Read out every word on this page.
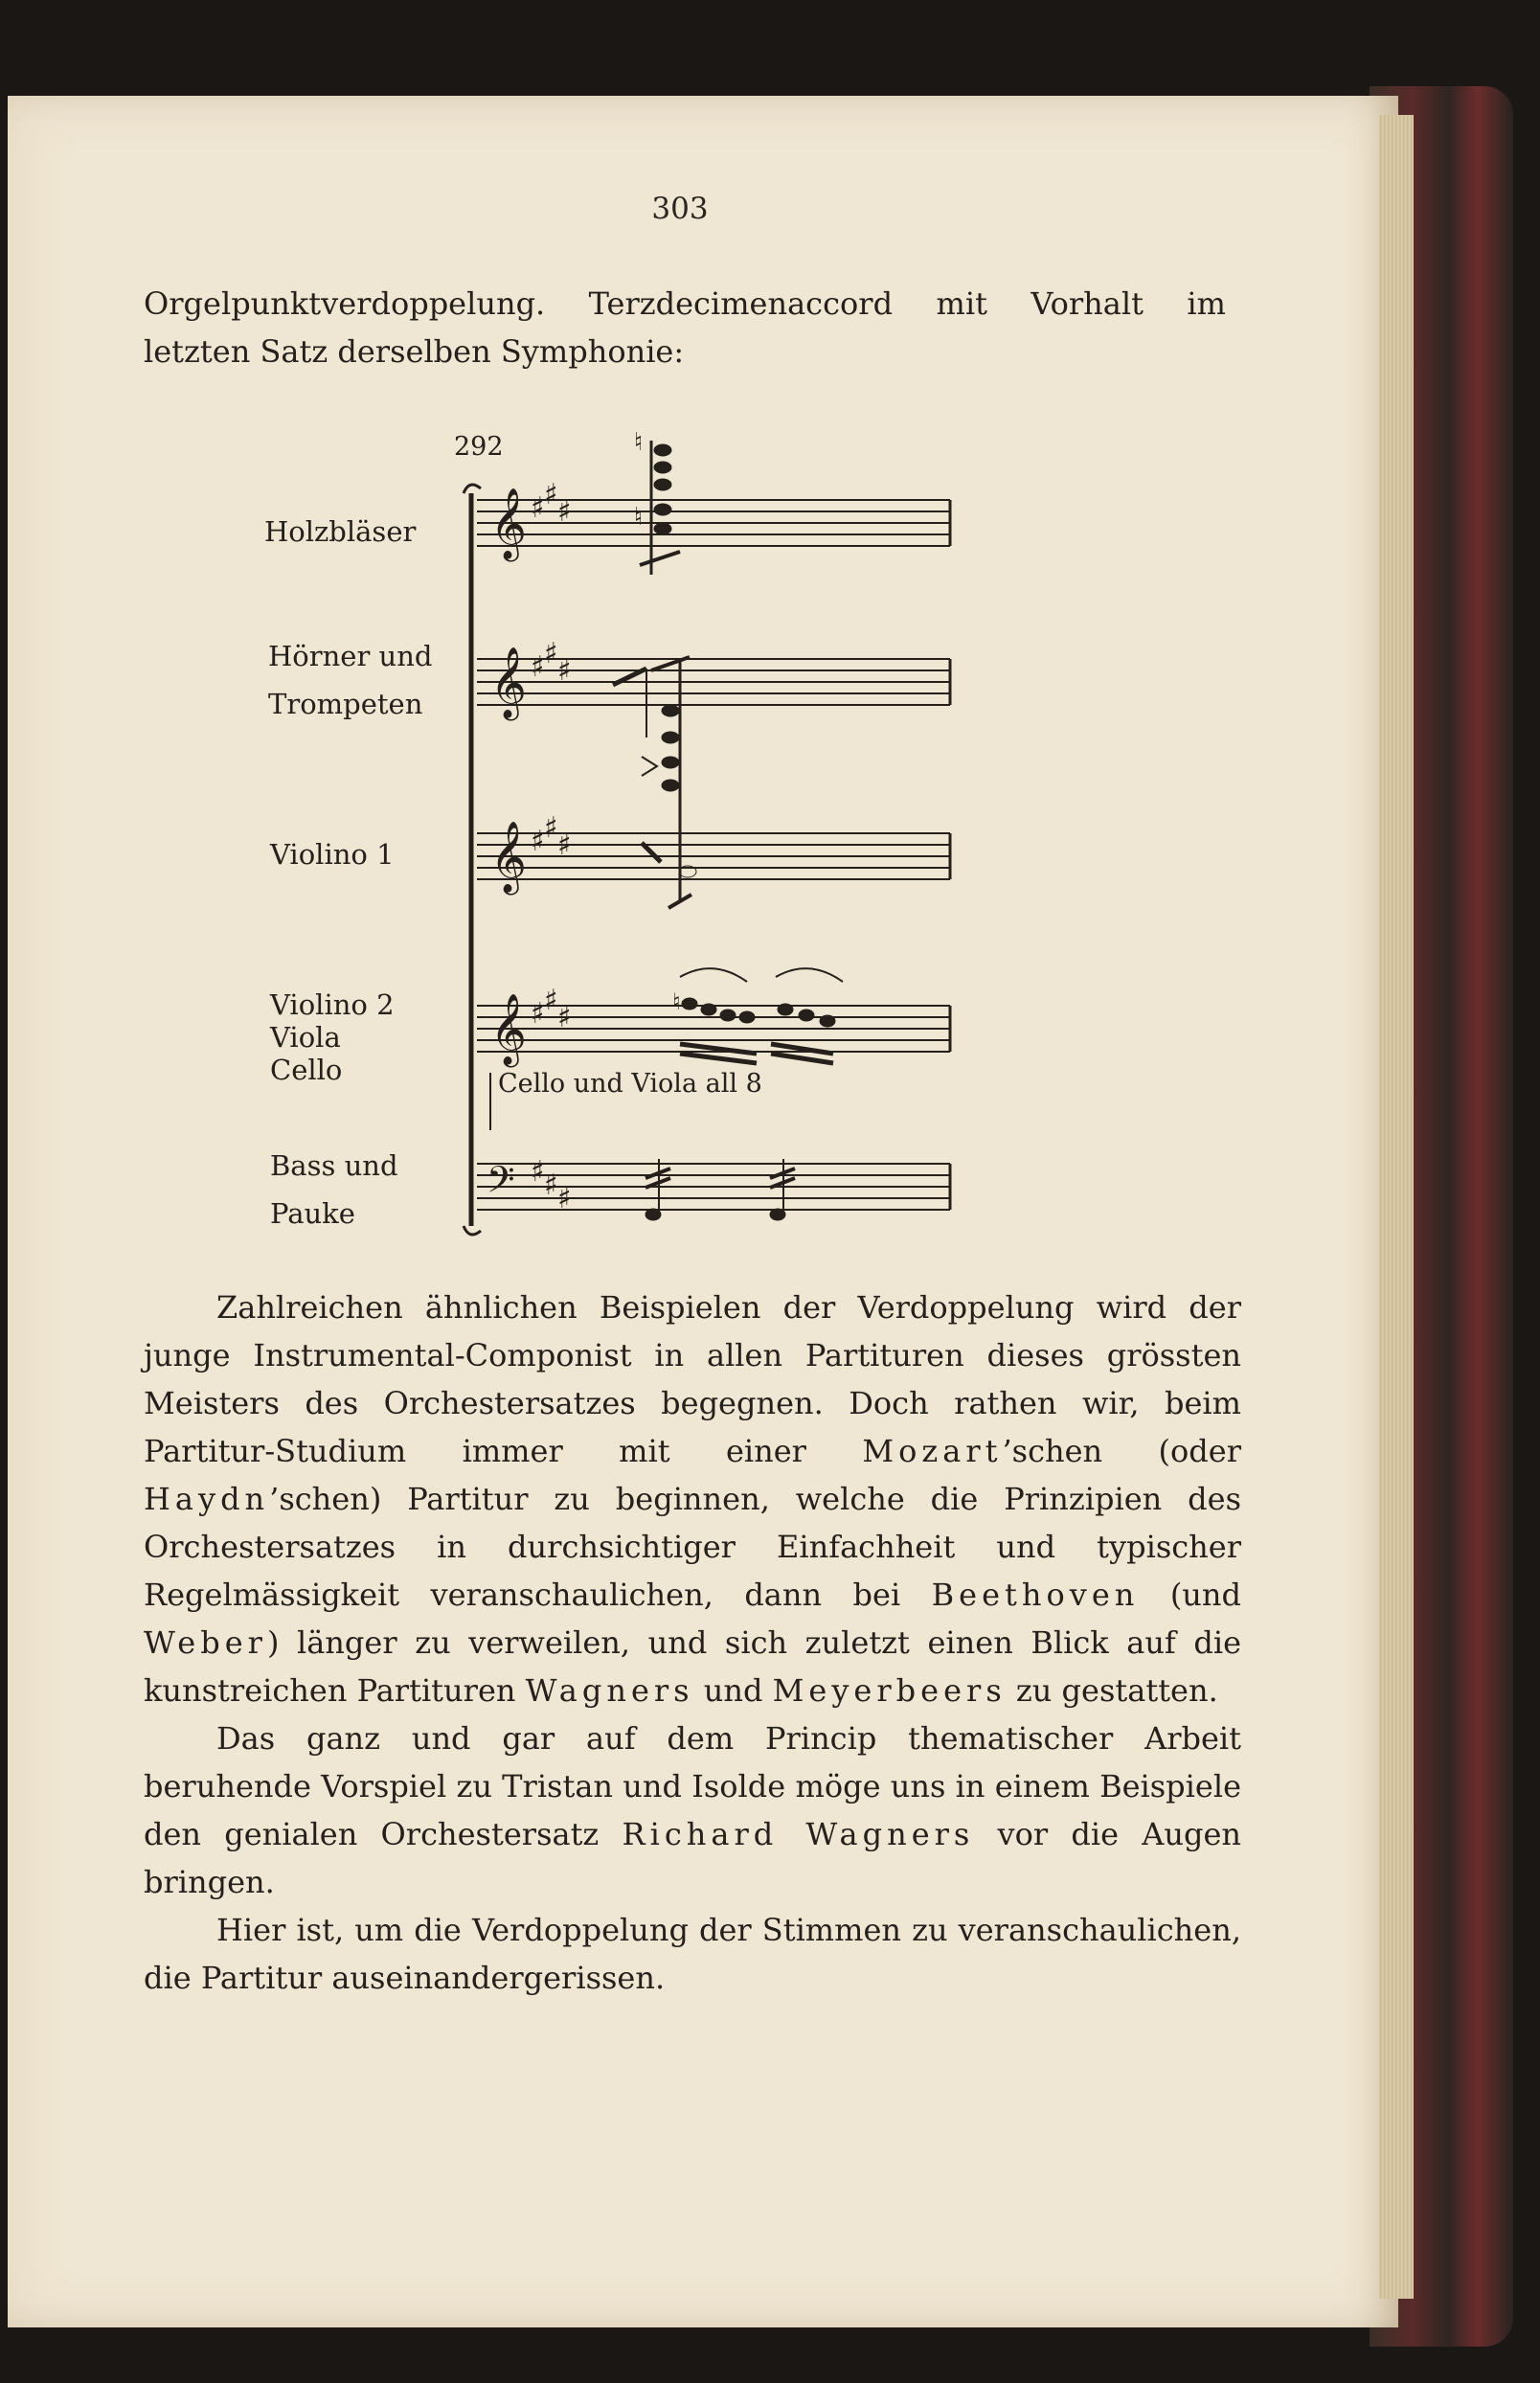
303
Orgelpunktverdoppelung. Terzdecimenaccord mit Vorhalt im
letzten Satz derselben Symphonie:
Holzbläser
Hörner und
Trompeten
Violino 1
Violino 2
Viola
Cello
Bass und
Pauke
292
𝄞
𝄞
𝄞
𝄞
𝄢
♯ ♯
♯
♯ ♯
♯
♯ ♯
♯
♯ ♯
♯
♯ ♯ ♯
♮
♮
♮
Cello und Viola all 8

Zahlreichen ähnlichen Beispielen der Verdoppelung wird der junge Instrumental-Componist in allen Partituren dieses grössten Meisters des Orchestersatzes begegnen. Doch rathen wir, beim Partitur-Studium immer mit einer Mozart’schen (oder Haydn’schen) Partitur zu beginnen, welche die Prinzipien des Orchestersatzes in durchsichtiger Einfachheit und typischer Regelmässigkeit veranschaulichen, dann bei Beethoven (und Weber) länger zu verweilen, und sich zuletzt einen Blick auf die kunstreichen Partituren Wagners und Meyerbeers zu gestatten.

Das ganz und gar auf dem Princip thematischer Arbeit beruhende Vorspiel zu Tristan und Isolde möge uns in einem Beispiele den genialen Orchestersatz Richard Wagners vor die Augen bringen.

Hier ist, um die Verdoppelung der Stimmen zu veranschaulichen, die Partitur auseinandergerissen.
